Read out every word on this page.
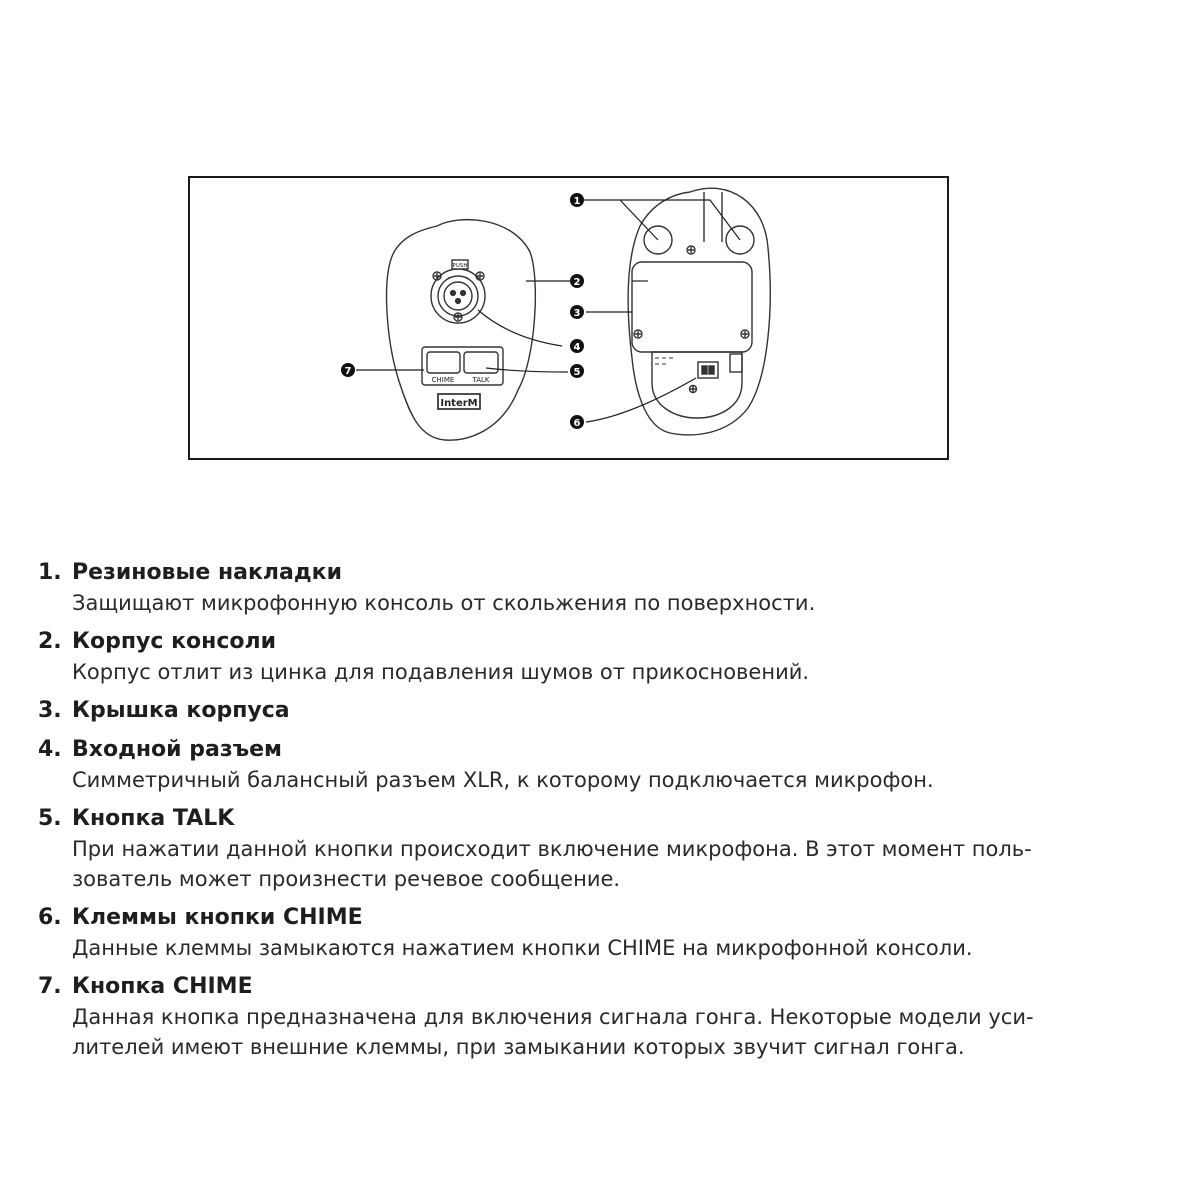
1
2
3
4
5
6
7
PUSH
CHIME	TALK
InterM
1. Резиновые накладки
Защищают микрофонную консоль от скольжения по поверхности.
2. Корпус консоли
Корпус отлит из цинка для подавления шумов от прикосновений.
3. Крышка корпуса
4. Входной разъем
Симметричный балансный разъем XLR, к которому подключается микрофон.
5. Кнопка TALK
При нажатии данной кнопки происходит включение микрофона. В этот момент поль-
зователь может произнести речевое сообщение.
6. Клеммы кнопки CHIME
Данные клеммы замыкаются нажатием кнопки CHIME на микрофонной консоли.
7. Кнопка CHIME
Данная кнопка предназначена для включения сигнала гонга. Некоторые модели уси-
лителей имеют внешние клеммы, при замыкании которых звучит сигнал гонга.
